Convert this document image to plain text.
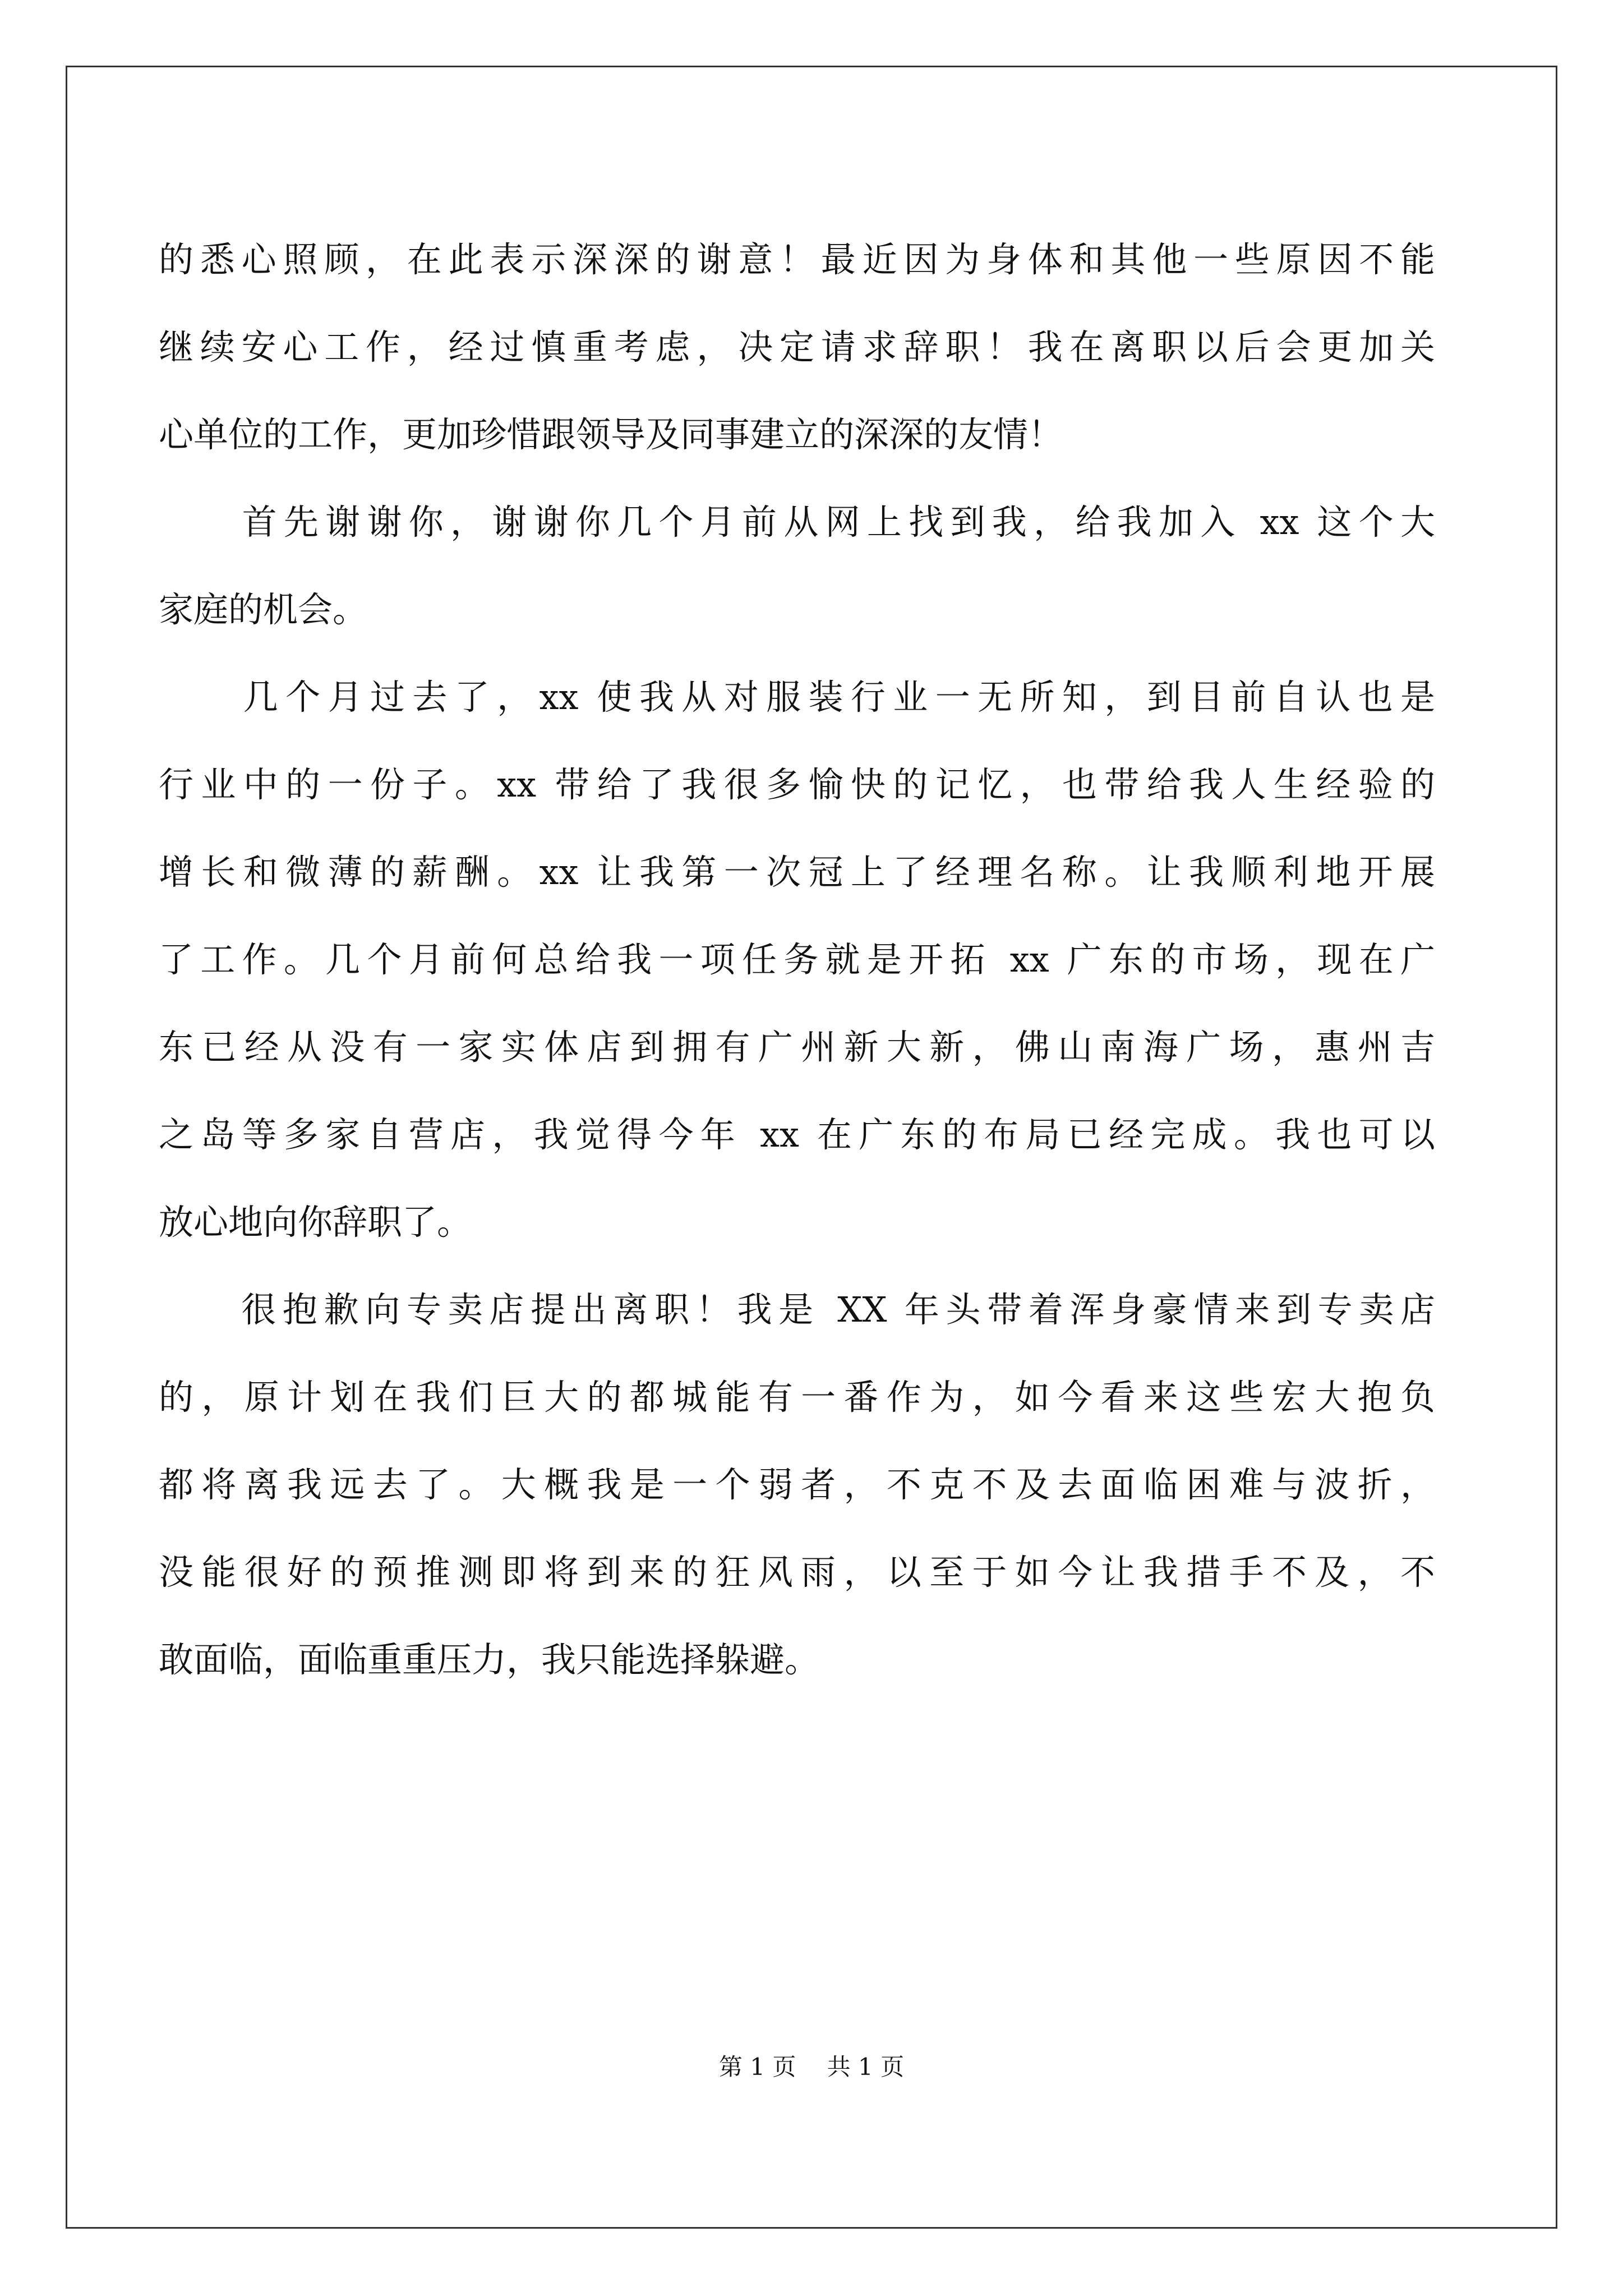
的悉心照顾，在此表示深深的谢意！最近因为身体和其他一些原因不能
继续安心工作，经过慎重考虑，决定请求辞职！我在离职以后会更加关
心单位的工作，更加珍惜跟领导及同事建立的深深的友情！
　　首先谢谢你，谢谢你几个月前从网上找到我，给我加入 xx 这个大
家庭的机会。
　　几个月过去了，xx 使我从对服装行业一无所知，到目前自认也是
行业中的一份子。xx 带给了我很多愉快的记忆，也带给我人生经验的
增长和微薄的薪酬。xx 让我第一次冠上了经理名称。让我顺利地开展
了工作。几个月前何总给我一项任务就是开拓 xx 广东的市场，现在广
东已经从没有一家实体店到拥有广州新大新，佛山南海广场，惠州吉
之岛等多家自营店，我觉得今年 xx 在广东的布局已经完成。我也可以
放心地向你辞职了。
　　很抱歉向专卖店提出离职！我是 XX 年头带着浑身豪情来到专卖店
的，原计划在我们巨大的都城能有一番作为，如今看来这些宏大抱负
都将离我远去了。大概我是一个弱者，不克不及去面临困难与波折，
没能很好的预推测即将到来的狂风雨，以至于如今让我措手不及，不
敢面临，面临重重压力，我只能选择躲避。
第 1 页　 共 1 页
